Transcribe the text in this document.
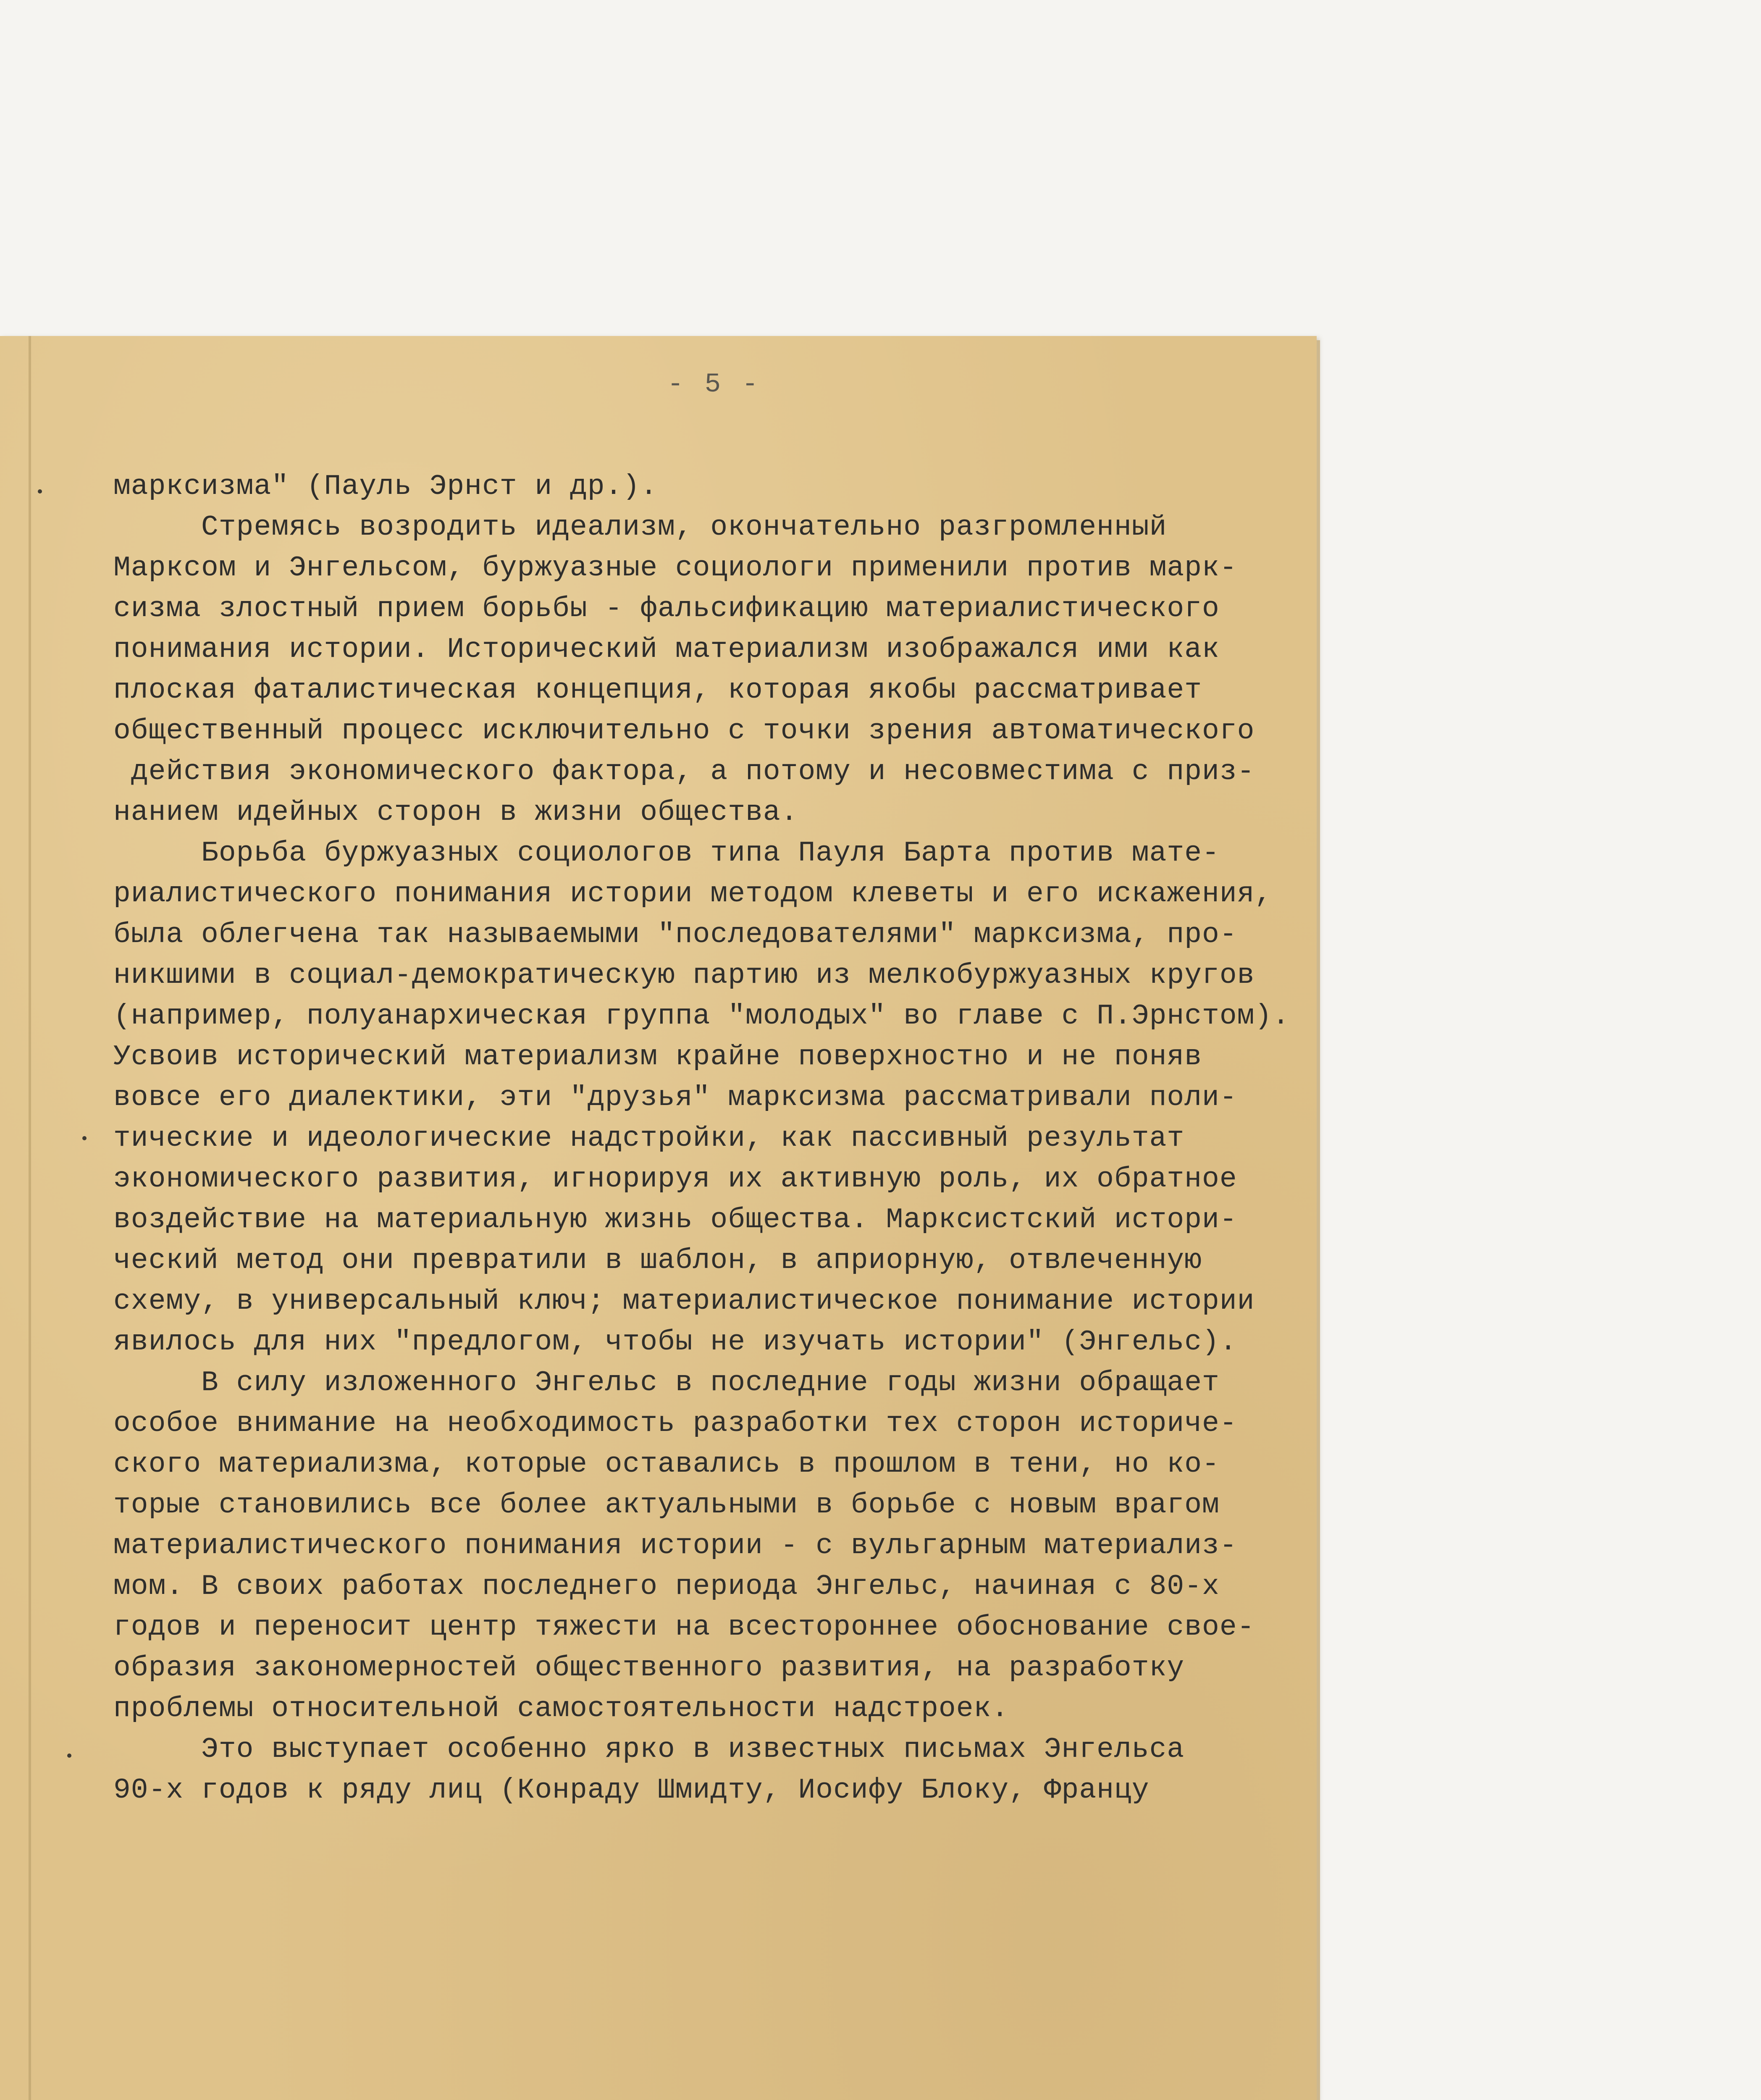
- 5 -
марксизма" (Пауль Эрнст и др.).
Стремясь возродить идеализм, окончательно разгромленный
Марксом и Энгельсом, буржуазные социологи применили против марк-
сизма злостный прием борьбы - фальсификацию материалистического
понимания истории. Исторический материализм изображался ими как
плоская фаталистическая концепция, которая якобы рассматривает
общественный процесс исключительно с точки зрения автоматического
действия экономического фактора, а потому и несовместима с приз-
нанием идейных сторон в жизни общества.
Борьба буржуазных социологов типа Пауля Барта против мате-
риалистического понимания истории методом клеветы и его искажения,
была облегчена так называемыми "последователями" марксизма, про-
никшими в социал-демократическую партию из мелкобуржуазных кругов
(например, полуанархическая группа "молодых" во главе с П.Эрнстом).
Усвоив исторический материализм крайне поверхностно и не поняв
вовсе его диалектики, эти "друзья" марксизма рассматривали поли-
тические и идеологические надстройки, как пассивный результат
экономического развития, игнорируя их активную роль, их обратное
воздействие на материальную жизнь общества. Марксистский истори-
ческий метод они превратили в шаблон, в априорную, отвлеченную
схему, в универсальный ключ; материалистическое понимание истории
явилось для них "предлогом, чтобы не изучать истории" (Энгельс).
В силу изложенного Энгельс в последние годы жизни обращает
особое внимание на необходимость разработки тех сторон историче-
ского материализма, которые оставались в прошлом в тени, но ко-
торые становились все более актуальными в борьбе с новым врагом
материалистического понимания истории - с вульгарным материализ-
мом. В своих работах последнего периода Энгельс, начиная с 80-х
годов и переносит центр тяжести на всестороннее обоснование свое-
образия закономерностей общественного развития, на разработку
проблемы относительной самостоятельности надстроек.
Это выступает особенно ярко в известных письмах Энгельса
90-х годов к ряду лиц (Конраду Шмидту, Иосифу Блоку, Францу
